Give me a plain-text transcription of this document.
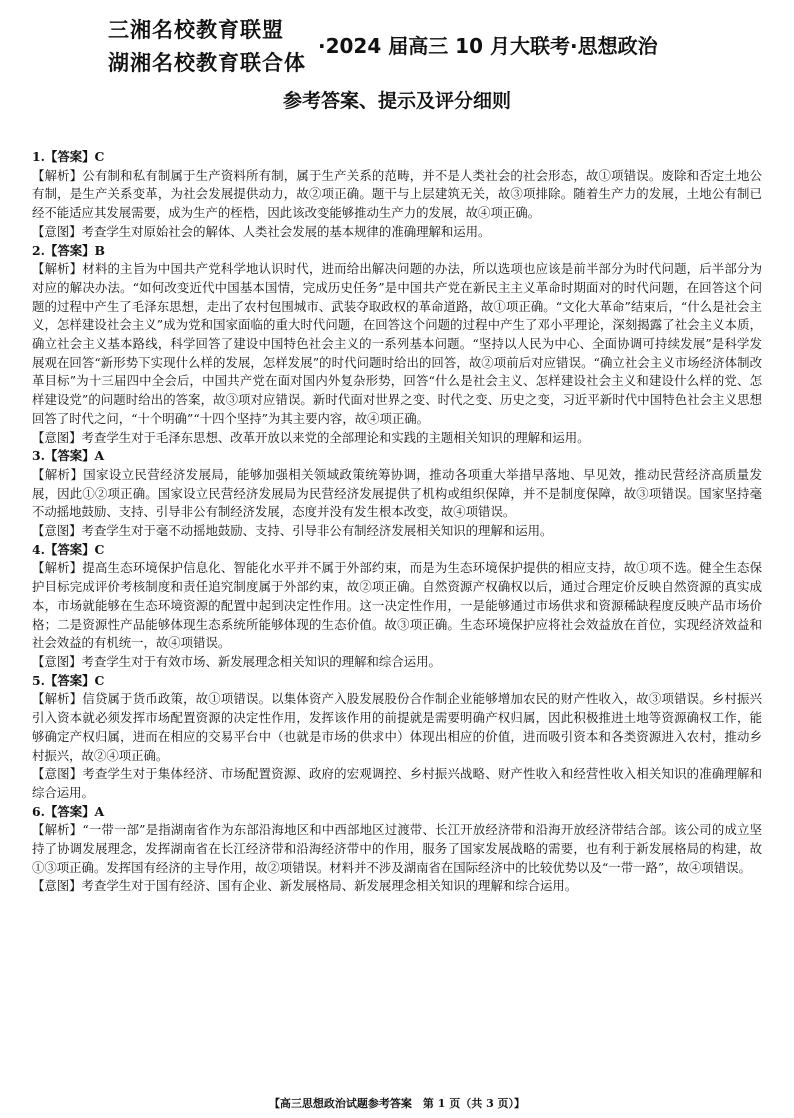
三湘名校教育联盟
湖湘名校教育联合体
·2024 届高三 10 月大联考·思想政治
参考答案、提示及评分细则

1.【答案】C

【解析】公有制和私有制属于生产资料所有制，属于生产关系的范畴，并不是人类社会的社会形态，故①项错误。废除和否定土地公有制，是生产关系变革，为社会发展提供动力，故②项正确。题干与上层建筑无关，故③项排除。随着生产力的发展，土地公有制已经不能适应其发展需要，成为生产的桎梏，因此该改变能够推动生产力的发展，故④项正确。

【意图】考查学生对原始社会的解体、人类社会发展的基本规律的准确理解和运用。

2.【答案】B

【解析】材料的主旨为中国共产党科学地认识时代，进而给出解决问题的办法，所以选项也应该是前半部分为时代问题，后半部分为对应的解决办法。“如何改变近代中国基本国情，完成历史任务”是中国共产党在新民主主义革命时期面对的时代问题，在回答这个问题的过程中产生了毛泽东思想，走出了农村包围城市、武装夺取政权的革命道路，故①项正确。“文化大革命”结束后，“什么是社会主义，怎样建设社会主义”成为党和国家面临的重大时代问题，在回答这个问题的过程中产生了邓小平理论，深刻揭露了社会主义本质，确立社会主义基本路线，科学回答了建设中国特色社会主义的一系列基本问题。“坚持以人民为中心、全面协调可持续发展”是科学发展观在回答“新形势下实现什么样的发展，怎样发展”的时代问题时给出的回答，故②项前后对应错误。“确立社会主义市场经济体制改革目标”为十三届四中全会后，中国共产党在面对国内外复杂形势，回答“什么是社会主义、怎样建设社会主义和建设什么样的党、怎样建设党”的问题时给出的答案，故③项对应错误。新时代面对世界之变、时代之变、历史之变，习近平新时代中国特色社会主义思想回答了时代之问，“十个明确”“十四个坚持”为其主要内容，故④项正确。

【意图】考查学生对于毛泽东思想、改革开放以来党的全部理论和实践的主题相关知识的理解和运用。

3.【答案】A

【解析】国家设立民营经济发展局，能够加强相关领域政策统筹协调，推动各项重大举措早落地、早见效，推动民营经济高质量发展，因此①②项正确。国家设立民营经济发展局为民营经济发展提供了机构或组织保障，并不是制度保障，故③项错误。国家坚持毫不动摇地鼓励、支持、引导非公有制经济发展，态度并没有发生根本改变，故④项错误。

【意图】考查学生对于毫不动摇地鼓励、支持、引导非公有制经济发展相关知识的理解和运用。

4.【答案】C

【解析】提高生态环境保护信息化、智能化水平并不属于外部约束，而是为生态环境保护提供的相应支持，故①项不选。健全生态保护目标完成评价考核制度和责任追究制度属于外部约束，故②项正确。自然资源产权确权以后，通过合理定价反映自然资源的真实成本，市场就能够在生态环境资源的配置中起到决定性作用。这一决定性作用，一是能够通过市场供求和资源稀缺程度反映产品市场价格；二是资源性产品能够体现生态系统所能够体现的生态价值。故③项正确。生态环境保护应将社会效益放在首位，实现经济效益和社会效益的有机统一，故④项错误。

【意图】考查学生对于有效市场、新发展理念相关知识的理解和综合运用。

5.【答案】C

【解析】信贷属于货币政策，故①项错误。以集体资产入股发展股份合作制企业能够增加农民的财产性收入，故③项错误。乡村振兴引入资本就必须发挥市场配置资源的决定性作用，发挥该作用的前提就是需要明确产权归属，因此积极推进土地等资源确权工作，能够确定产权归属，进而在相应的交易平台中（也就是市场的供求中）体现出相应的价值，进而吸引资本和各类资源进入农村，推动乡村振兴，故②④项正确。

【意图】考查学生对于集体经济、市场配置资源、政府的宏观调控、乡村振兴战略、财产性收入和经营性收入相关知识的准确理解和综合运用。

6.【答案】A

【解析】“一带一部”是指湖南省作为东部沿海地区和中西部地区过渡带、长江开放经济带和沿海开放经济带结合部。该公司的成立坚持了协调发展理念，发挥湖南省在长江经济带和沿海经济带中的作用，服务了国家发展战略的需要，也有利于新发展格局的构建，故①③项正确。发挥国有经济的主导作用，故②项错误。材料并不涉及湖南省在国际经济中的比较优势以及“一带一路”，故④项错误。

【意图】考查学生对于国有经济、国有企业、新发展格局、新发展理念相关知识的理解和综合运用。

【高三思想政治试题参考答案　第 1 页（共 3 页）】
